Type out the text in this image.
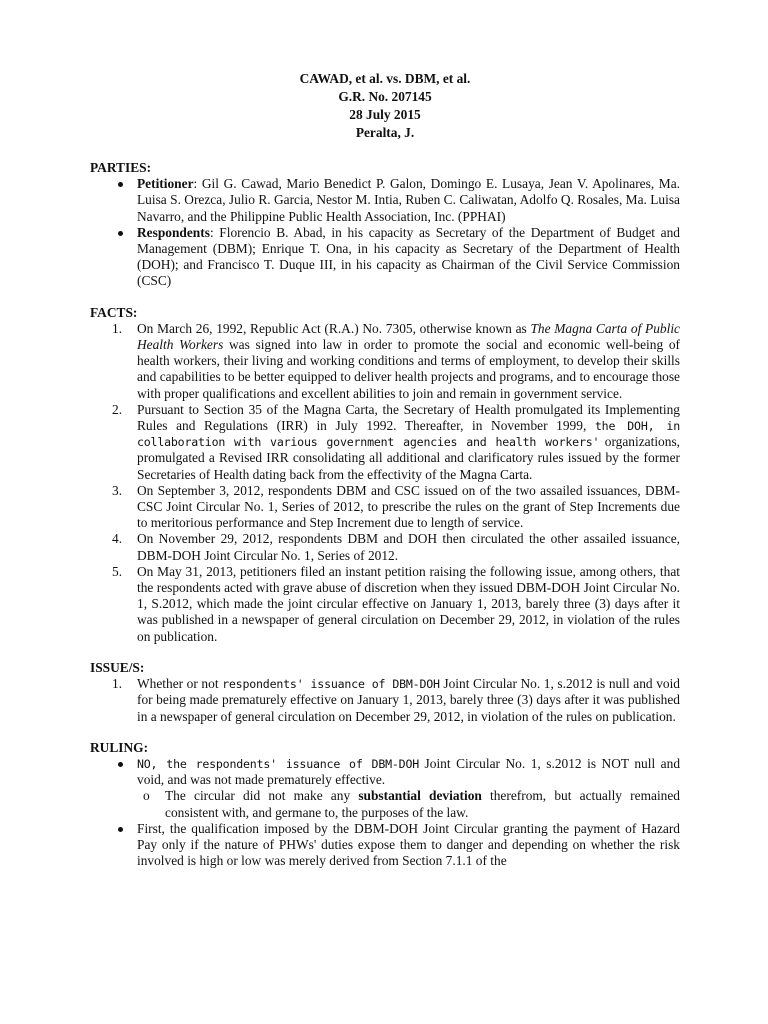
CAWAD, et al. vs. DBM, et al.
G.R. No. 207145
28 July 2015
Peralta, J.
PARTIES:
Petitioner: Gil G. Cawad, Mario Benedict P. Galon, Domingo E. Lusaya, Jean V. Apolinares, Ma. Luisa S. Orezca, Julio R. Garcia, Nestor M. Intia, Ruben C. Caliwatan, Adolfo Q. Rosales, Ma. Luisa Navarro, and the Philippine Public Health Association, Inc. (PPHAI)
Respondents: Florencio B. Abad, in his capacity as Secretary of the Department of Budget and Management (DBM); Enrique T. Ona, in his capacity as Secretary of the Department of Health (DOH); and Francisco T. Duque III, in his capacity as Chairman of the Civil Service Commission (CSC)
FACTS:
1. On March 26, 1992, Republic Act (R.A.) No. 7305, otherwise known as The Magna Carta of Public Health Workers was signed into law in order to promote the social and economic well-being of health workers, their living and working conditions and terms of employment, to develop their skills and capabilities to be better equipped to deliver health projects and programs, and to encourage those with proper qualifications and excellent abilities to join and remain in government service.
2. Pursuant to Section 35 of the Magna Carta, the Secretary of Health promulgated its Implementing Rules and Regulations (IRR) in July 1992. Thereafter, in November 1999, the DOH, in collaboration with various government agencies and health workers' organizations, promulgated a Revised IRR consolidating all additional and clarificatory rules issued by the former Secretaries of Health dating back from the effectivity of the Magna Carta.
3. On September 3, 2012, respondents DBM and CSC issued on of the two assailed issuances, DBM-CSC Joint Circular No. 1, Series of 2012, to prescribe the rules on the grant of Step Increments due to meritorious performance and Step Increment due to length of service.
4. On November 29, 2012, respondents DBM and DOH then circulated the other assailed issuance, DBM-DOH Joint Circular No. 1, Series of 2012.
5. On May 31, 2013, petitioners filed an instant petition raising the following issue, among others, that the respondents acted with grave abuse of discretion when they issued DBM-DOH Joint Circular No. 1, S.2012, which made the joint circular effective on January 1, 2013, barely three (3) days after it was published in a newspaper of general circulation on December 29, 2012, in violation of the rules on publication.
ISSUE/S:
1. Whether or not respondents' issuance of DBM-DOH Joint Circular No. 1, s.2012 is null and void for being made prematurely effective on January 1, 2013, barely three (3) days after it was published in a newspaper of general circulation on December 29, 2012, in violation of the rules on publication.
RULING:
NO, the respondents' issuance of DBM-DOH Joint Circular No. 1, s.2012 is NOT null and void, and was not made prematurely effective.
o The circular did not make any substantial deviation therefrom, but actually remained consistent with, and germane to, the purposes of the law.
First, the qualification imposed by the DBM-DOH Joint Circular granting the payment of Hazard Pay only if the nature of PHWs' duties expose them to danger and depending on whether the risk involved is high or low was merely derived from Section 7.1.1 of the
